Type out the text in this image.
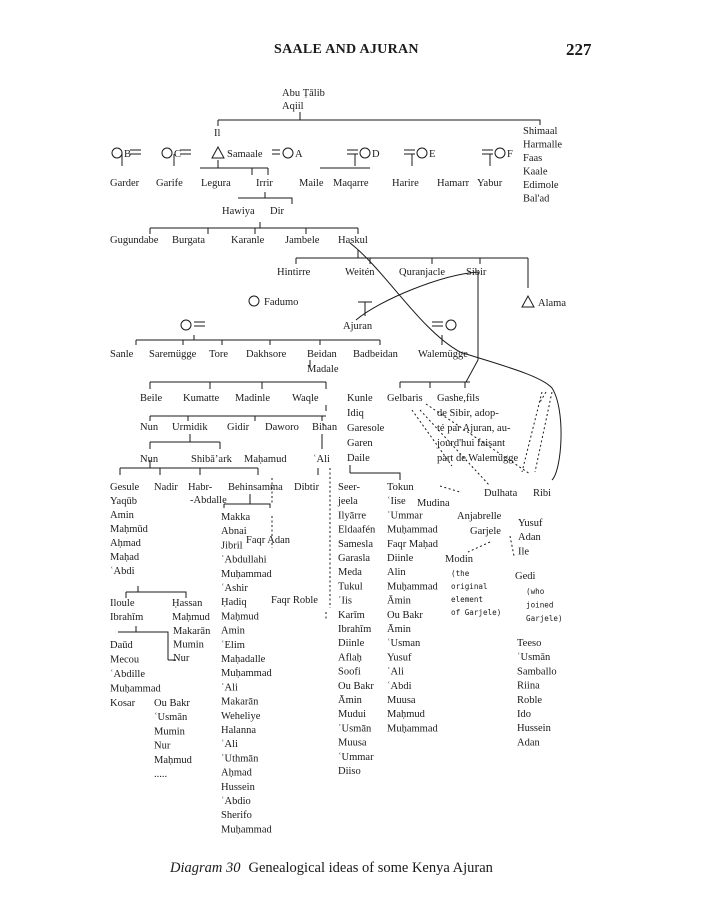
SAALE AND AJURAN	227
Abu Ṭālib
Aqiil
Il
B	C	Samaale	A	D	E	F
Shimaal
Harmalle
Faas
Kaale
Edimole
Bal'ad
Garder Garife Legura Irrir Maile Maqarre Harire Hamarr Yabur
Hawiya Dir
Gugundabe Burgata Karanle Jambele Haskul
Hintirre	Weitén Quranjacle Sibir
Alama
Fadumo
Ajuran
Sanle Saremügge Tore Dakhsore Beidan Badbeidan Walemügge
Madale
Beile Kumatte Madinle Waqle	Kunle
Idiq
Garesole
Garen
Daile
Gelbaris Gashe,fils
de Sibir, adop-
té par Ajuran, au-
jourd'hui faisant
part de Walemügge
Nun Urmidik Gidir Daworo Biħan
Nun	Shibāʼark Maḥamud	ʿAli
Gesule
Yaqūb
Amin
Maḥmūd
Aḥmad
Maḥad
ʿAbdi
Nadir Habr-
-Abdalle
Behinsamma Dibtir
Makka
Abnai
Jibril
ʿAbdullahi
Muḥammad
ʿAshir
Ḥadiq
Maḥmud
Amin
ʿElim
Maḥadalle
Muḥammad
ʿAli
Makarān
Weheliye
Halanna
ʿAli
ʿUthmān
Aḥmad
Hussein
ʿAbdio
Sherifo
Muḥammad
Faqr Adan
Faqr Roble
Seer-
jeela
Ilyārre
Eldaafén
Samesla
Garasla
Meda
Tukul
ʿIis
Karīm
Ibrahīm
Diinle
Aflaḥ
Soofi
Ou Bakr
Āmin
Mudui
ʿUsmān
Muusa
ʿUmmar
Diiso
Tokun
ʿIise
ʿUmmar
Muḥammad
Faqr Maḥad
Diinle
Alin
Muḥammad
Āmin
Ou Bakr
Āmin
ʿUsman
Yusuf
ʿAli
ʿAbdi
Muusa
Maḥmud
Muḥammad
Mudina
Anjabrelle
Dulhata Ribi
Garjele
Modin
(the
original
element
of Garjele)
Yusuf
Adan
Ile
Gedi
(who
joined
Garjele)
Teeso
ʿUsmān
Samballo
Riina
Roble
Ido
Hussein
Adan
Iloule
Ibrahīm
Ḥassan
Maḥmud
Makarān
Mumin
Nur
Daūd
Mecou
ʿAbdille
Muḥammad
Kosar Ou Bakr
ʿUsmān
Mumin
Nur
Maḥmud
.....
Diagram 30 Genealogical ideas of some Kenya Ajuran
